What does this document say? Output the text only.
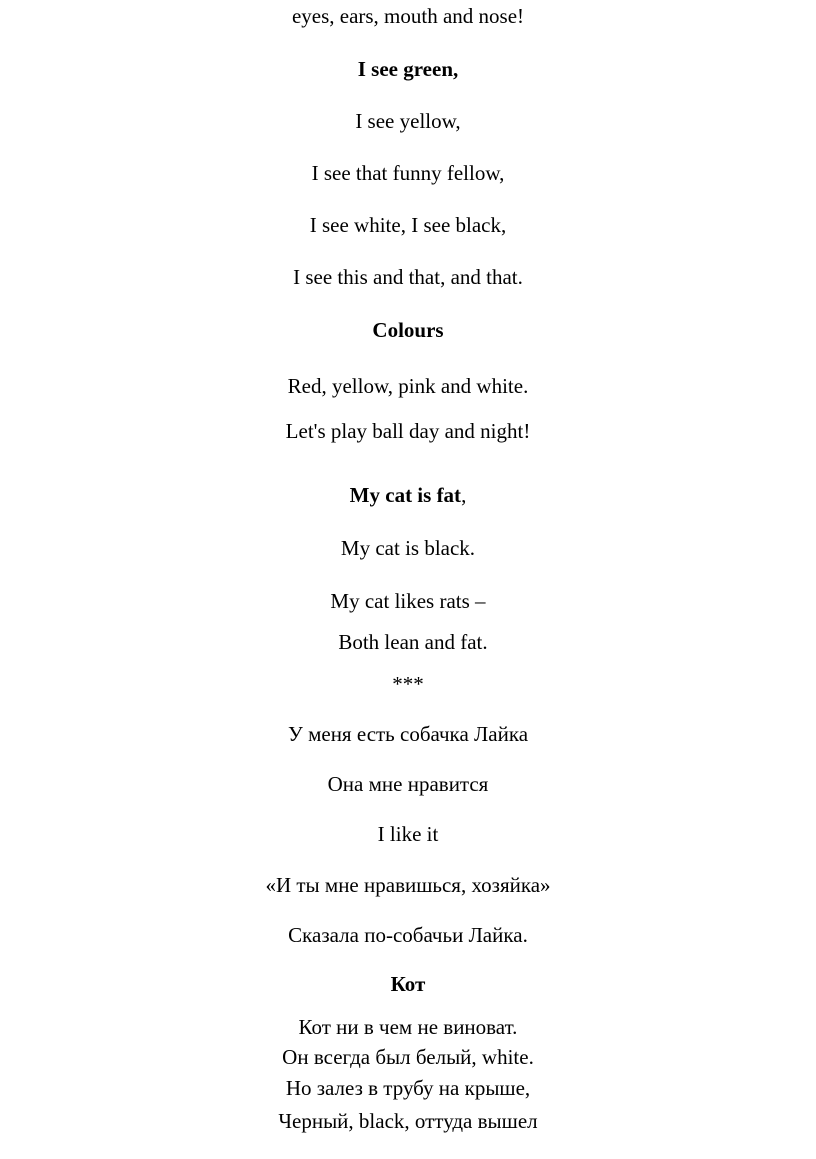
eyes, ears, mouth and nose!
I see green,
I see yellow,
I see that funny fellow,
I see white, I see black,
I see this and that, and that.
Colours
Red, yellow, pink and white.
Let's play ball day and night!
My cat is fat,
My cat is black.
My cat likes rats –
Both lean and fat.
***
У меня есть собачка Лайка
Она мне нравится
I like it
«И ты мне нравишься, хозяйка»
Сказала по-собачьи Лайка.
Кот
Кот ни в чем не виноват.
Он всегда был белый, white.
Но залез в трубу на крыше,
Черный, black, оттуда вышел
